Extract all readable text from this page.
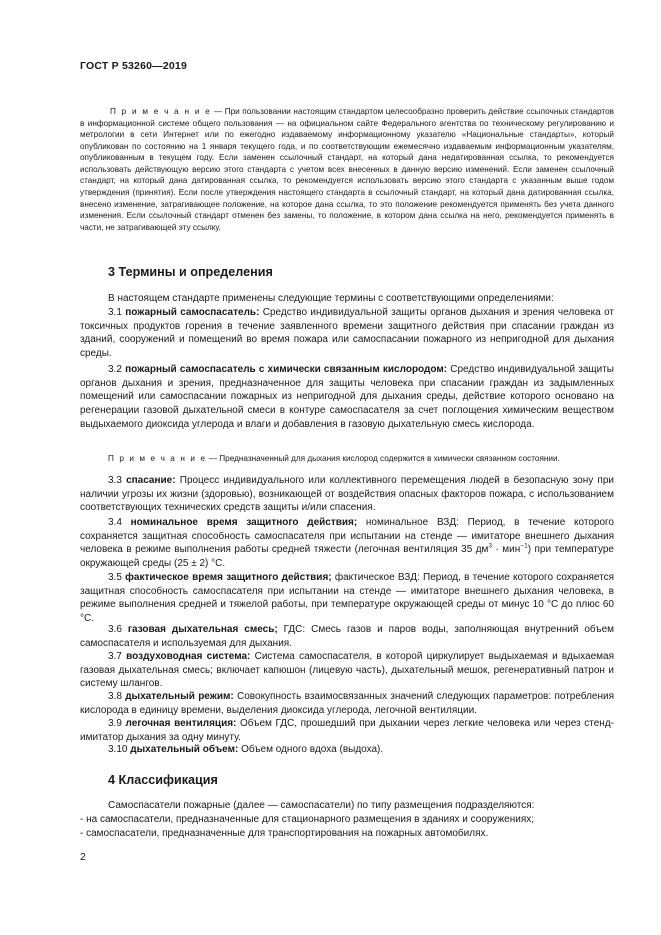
ГОСТ Р 53260—2019

П р и м е ч а н и е — При пользовании настоящим стандартом целесообразно проверить действие ссылочных стандартов в информационной системе общего пользования — на официальном сайте Федерального агентства по техническому регулированию и метрологии в сети Интернет или по ежегодно издаваемому информационному указателю «Национальные стандарты», который опубликован по состоянию на 1 января текущего года, и по соответствующим ежемесячно издаваемым информационным указателям, опубликованным в текущем году. Если заменен ссылочный стандарт, на который дана недатированная ссылка, то рекомендуется использовать действующую версию этого стандарта с учетом всех внесенных в данную версию изменений. Если заменен ссылочный стандарт, на который дана датированная ссылка, то рекомендуется использовать версию этого стандарта с указанным выше годом утверждения (принятия). Если после утверждения настоящего стандарта в ссылочный стандарт, на который дана датированная ссылка, внесено изменение, затрагивающее положение, на которое дана ссылка, то это положение рекомендуется применять без учета данного изменения. Если ссылочный стандарт отменен без замены, то положение, в котором дана ссылка на него, рекомендуется применять в части, не затрагивающей эту ссылку.

3 Термины и определения

В настоящем стандарте применены следующие термины с соответствующими определениями:

3.1 пожарный самоспасатель: Средство индивидуальной защиты органов дыхания и зрения человека от токсичных продуктов горения в течение заявленного времени защитного действия при спасании граждан из зданий, сооружений и помещений во время пожара или самоспасании пожарного из непригодной для дыхания среды.

3.2 пожарный самоспасатель с химически связанным кислородом: Средство индивидуальной защиты органов дыхания и зрения, предназначенное для защиты человека при спасании граждан из задымленных помещений или самоспасании пожарных из непригодной для дыхания среды, действие которого основано на регенерации газовой дыхательной смеси в контуре самоспасателя за счет поглощения химическим веществом выдыхаемого диоксида углерода и влаги и добавления в газовую дыхательную смесь кислорода.

П р и м е ч а н и е — Предназначенный для дыхания кислород содержится в химически связанном состоянии.

3.3 спасание: Процесс индивидуального или коллективного перемещения людей в безопасную зону при наличии угрозы их жизни (здоровью), возникающей от воздействия опасных факторов пожара, с использованием соответствующих технических средств защиты и/или спасения.

3.4 номинальное время защитного действия; номинальное ВЗД: Период, в течение которого сохраняется защитная способность самоспасателя при испытании на стенде — имитаторе внешнего дыхания человека в режиме выполнения работы средней тяжести (легочная вентиляция 35 $дм^3 \cdot мин^{-1}$) при температуре окружающей среды (25 ± 2) °С.

3.5 фактическое время защитного действия; фактическое ВЗД: Период, в течение которого сохраняется защитная способность самоспасателя при испытании на стенде — имитаторе внешнего дыхания человека, в режиме выполнения средней и тяжелой работы, при температуре окружающей среды от минус 10 °С до плюс 60 °С.

3.6 газовая дыхательная смесь; ГДС: Смесь газов и паров воды, заполняющая внутренний объем самоспасателя и используемая для дыхания.

3.7 воздуховодная система: Система самоспасателя, в которой циркулирует выдыхаемая и вдыхаемая газовая дыхательная смесь; включает капюшон (лицевую часть), дыхательный мешок, регенеративный патрон и систему шлангов.

3.8 дыхательный режим: Совокупность взаимосвязанных значений следующих параметров: потребления кислорода в единицу времени, выделения диоксида углерода, легочной вентиляции.

3.9 легочная вентиляция: Объем ГДС, прошедший при дыхании через легкие человека или через стенд-имитатор дыхания за одну минуту.

3.10 дыхательный объем: Объем одного вдоха (выдоха).

4 Классификация

Самоспасатели пожарные (далее — самоспасатели) по типу размещения подразделяются:

- на самоспасатели, предназначенные для стационарного размещения в зданиях и сооружениях;

- самоспасатели, предназначенные для транспортирования на пожарных автомобилях.

2
